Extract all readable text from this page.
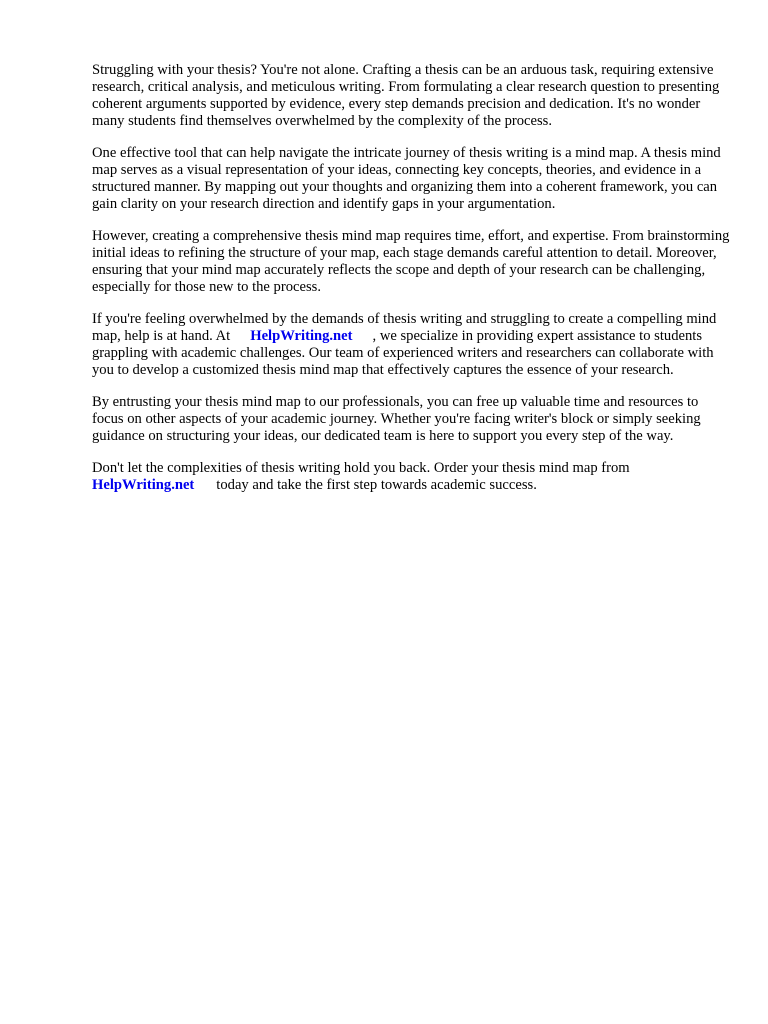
Struggling with your thesis? You're not alone. Crafting a thesis can be an arduous task, requiring extensive research, critical analysis, and meticulous writing. From formulating a clear research question to presenting coherent arguments supported by evidence, every step demands precision and dedication. It's no wonder many students find themselves overwhelmed by the complexity of the process.

One effective tool that can help navigate the intricate journey of thesis writing is a mind map. A thesis mind map serves as a visual representation of your ideas, connecting key concepts, theories, and evidence in a structured manner. By mapping out your thoughts and organizing them into a coherent framework, you can gain clarity on your research direction and identify gaps in your argumentation.

However, creating a comprehensive thesis mind map requires time, effort, and expertise. From brainstorming initial ideas to refining the structure of your map, each stage demands careful attention to detail. Moreover, ensuring that your mind map accurately reflects the scope and depth of your research can be challenging, especially for those new to the process.

If you're feeling overwhelmed by the demands of thesis writing and struggling to create a compelling mind map, help is at hand. At HelpWriting.net , we specialize in providing expert assistance to students grappling with academic challenges. Our team of experienced writers and researchers can collaborate with you to develop a customized thesis mind map that effectively captures the essence of your research.

By entrusting your thesis mind map to our professionals, you can free up valuable time and resources to focus on other aspects of your academic journey. Whether you're facing writer's block or simply seeking guidance on structuring your ideas, our dedicated team is here to support you every step of the way.

Don't let the complexities of thesis writing hold you back. Order your thesis mind map from
HelpWriting.net today and take the first step towards academic success.
